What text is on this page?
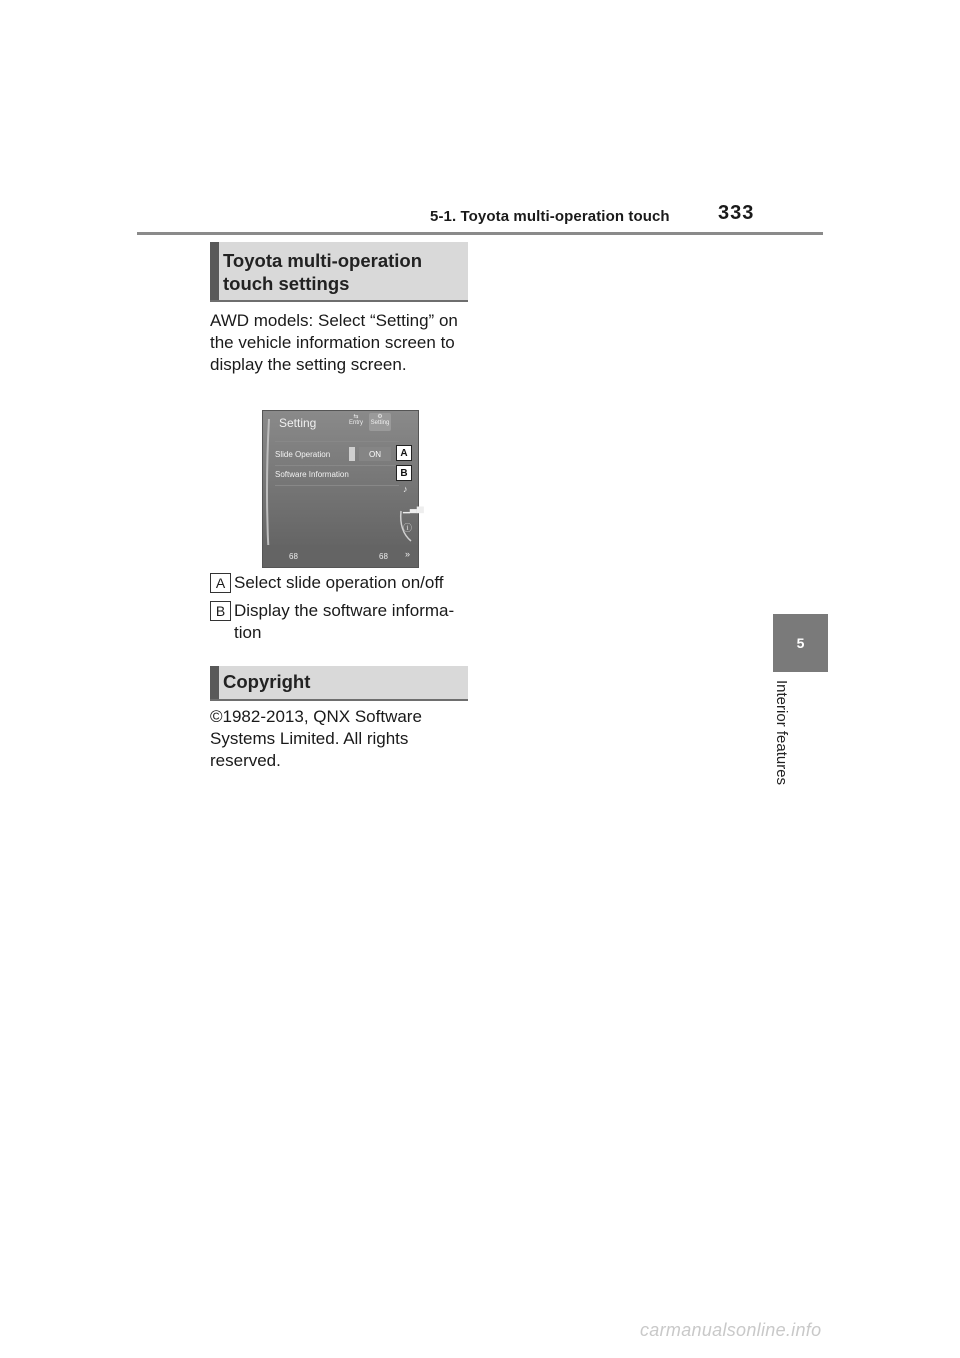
5-1. Toyota multi-operation touch 333
5
Interior features
Toyota multi-operation touch settings
AWD models: Select “Setting” on the vehicle information screen to display the setting screen.
Setting	⇆
Entry
⚙
Setting
Slide Operation	ON
Software Information
♪
▁▃▅
ⓘ
68	68 »
A
B
A Select slide operation on/off
B Display the software informa-tion
Copyright
©1982-2013, QNX Software Systems Limited. All rights reserved.
carmanualsonline.info
